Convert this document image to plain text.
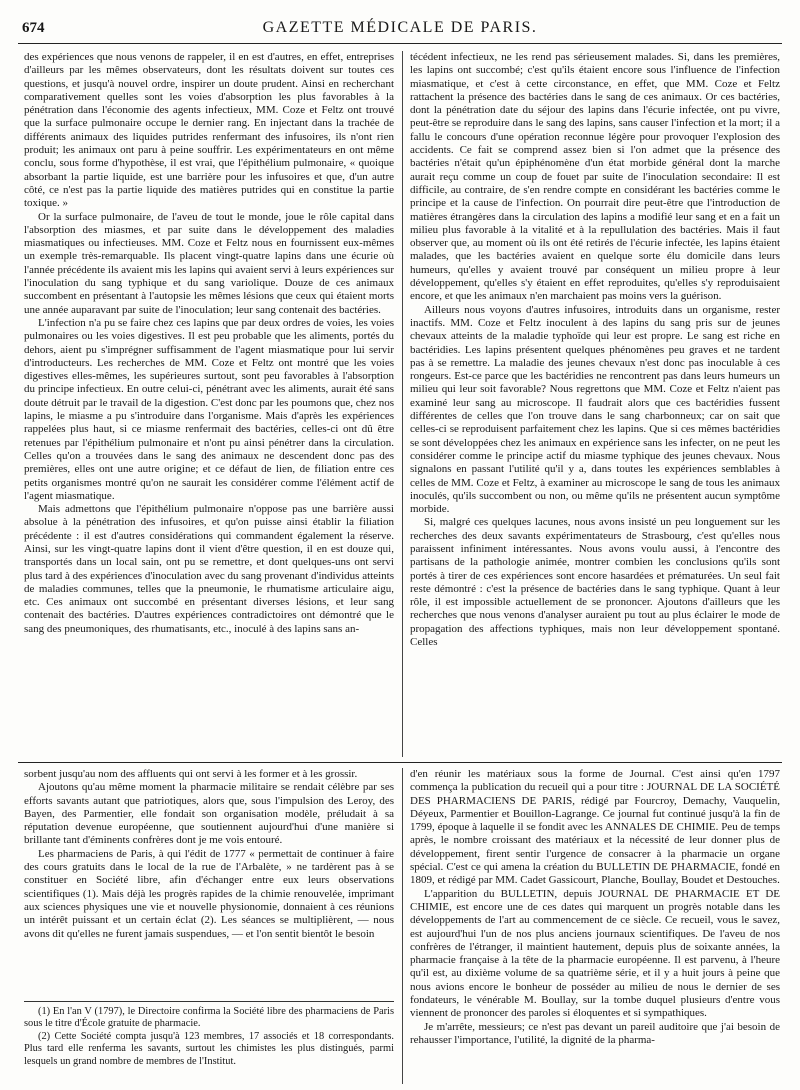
674	GAZETTE MÉDICALE DE PARIS.

des expériences que nous venons de rappeler, il en est d'autres, en effet, entreprises d'ailleurs par les mêmes observateurs, dont les résultats doivent sur toutes ces questions, et jusqu'à nouvel ordre, inspirer un doute prudent. Ainsi en recherchant comparativement quelles sont les voies d'absorption les plus favorables à la pénétration dans l'économie des agents infectieux, MM. Coze et Feltz ont trouvé que la surface pulmonaire occupe le dernier rang. En injectant dans la trachée de différents animaux des liquides putrides renfermant des infusoires, ils n'ont rien produit; les animaux ont paru à peine souffrir. Les expérimentateurs en ont même conclu, sous forme d'hypothèse, il est vrai, que l'épithélium pulmonaire, « quoique absorbant la partie liquide, est une barrière pour les infusoires et que, d'un autre côté, ce n'est pas la partie liquide des matières putrides qui en constitue la partie toxique. »

Or la surface pulmonaire, de l'aveu de tout le monde, joue le rôle capital dans l'absorption des miasmes, et par suite dans le développement des maladies miasmatiques ou infectieuses. MM. Coze et Feltz nous en fournissent eux-mêmes un exemple très-remarquable. Ils placent vingt-quatre lapins dans une écurie où l'année précédente ils avaient mis les lapins qui avaient servi à leurs expériences sur l'inoculation du sang typhique et du sang variolique. Douze de ces animaux succombent en présentant à l'autopsie les mêmes lésions que ceux qui étaient morts une année auparavant par suite de l'inoculation; leur sang contenait des bactéries.

L'infection n'a pu se faire chez ces lapins que par deux ordres de voies, les voies pulmonaires ou les voies digestives. Il est peu probable que les aliments, portés du dehors, aient pu s'imprégner suffisamment de l'agent miasmatique pour lui servir d'introducteurs. Les recherches de MM. Coze et Feltz ont montré que les voies digestives elles-mêmes, les supérieures surtout, sont peu favorables à l'absorption du principe infectieux. En outre celui-ci, pénétrant avec les aliments, aurait été sans doute détruit par le travail de la digestion. C'est donc par les poumons que, chez nos lapins, le miasme a pu s'introduire dans l'organisme. Mais d'après les expériences rappelées plus haut, si ce miasme renfermait des bactéries, celles-ci ont dû être retenues par l'épithélium pulmonaire et n'ont pu ainsi pénétrer dans la circulation. Celles qu'on a trouvées dans le sang des animaux ne descendent donc pas des premières, elles ont une autre origine; et ce défaut de lien, de filiation entre ces petits organismes montré qu'on ne saurait les considérer comme l'élément actif de l'agent miasmatique.

Mais admettons que l'épithélium pulmonaire n'oppose pas une barrière aussi absolue à la pénétration des infusoires, et qu'on puisse ainsi établir la filiation précédente : il est d'autres considérations qui commandent également la réserve. Ainsi, sur les vingt-quatre lapins dont il vient d'être question, il en est douze qui, transportés dans un local sain, ont pu se remettre, et dont quelques-uns ont servi plus tard à des expériences d'inoculation avec du sang provenant d'individus atteints de maladies communes, telles que la pneumonie, le rhumatisme articulaire aigu, etc. Ces animaux ont succombé en présentant diverses lésions, et leur sang contenait des bactéries. D'autres expériences contradictoires ont démontré que le sang des pneumoniques, des rhumatisants, etc., inoculé à des lapins sans an-

técédent infectieux, ne les rend pas sérieusement malades. Si, dans les premières, les lapins ont succombé; c'est qu'ils étaient encore sous l'influence de l'infection miasmatique, et c'est à cette circonstance, en effet, que MM. Coze et Feltz rattachent la présence des bactéries dans le sang de ces animaux. Or ces bactéries, dont la pénétration date du séjour des lapins dans l'écurie infectée, ont pu vivre, peut-être se reproduire dans le sang des lapins, sans causer l'infection et la mort; il a fallu le concours d'une opération reconnue légère pour provoquer l'explosion des accidents. Ce fait se comprend assez bien si l'on admet que la présence des bactéries n'était qu'un épiphénomène d'un état morbide général dont la marche aurait reçu comme un coup de fouet par suite de l'inoculation secondaire: Il est difficile, au contraire, de s'en rendre compte en considérant les bactéries comme le principe et la cause de l'infection. On pourrait dire peut-être que l'introduction de matières étrangères dans la circulation des lapins a modifié leur sang et en a fait un milieu plus favorable à la vitalité et à la repullulation des bactéries. Mais il faut observer que, au moment où ils ont été retirés de l'écurie infectée, les lapins étaient malades, que les bactéries avaient en quelque sorte élu domicile dans leurs humeurs, qu'elles y avaient trouvé par conséquent un milieu propre à leur développement, qu'elles s'y étaient en effet reproduites, qu'elles s'y reproduisaient encore, et que les animaux n'en marchaient pas moins vers la guérison.

Ailleurs nous voyons d'autres infusoires, introduits dans un organisme, rester inactifs. MM. Coze et Feltz inoculent à des lapins du sang pris sur de jeunes chevaux atteints de la maladie typhoïde qui leur est propre. Le sang est riche en bactéridies. Les lapins présentent quelques phénomènes peu graves et ne tardent pas à se remettre. La maladie des jeunes chevaux n'est donc pas inoculable à ces rongeurs. Est-ce parce que les bactéridies ne rencontrent pas dans leurs humeurs un milieu qui leur soit favorable? Nous regrettons que MM. Coze et Feltz n'aient pas examiné leur sang au microscope. Il faudrait alors que ces bactéridies fussent différentes de celles que l'on trouve dans le sang charbonneux; car on sait que celles-ci se reproduisent parfaitement chez les lapins. Que si ces mêmes bactéridies se sont développées chez les animaux en expérience sans les infecter, on ne peut les considérer comme le principe actif du miasme typhique des jeunes chevaux. Nous signalons en passant l'utilité qu'il y a, dans toutes les expériences semblables à celles de MM. Coze et Feltz, à examiner au microscope le sang de tous les animaux inoculés, qu'ils succombent ou non, ou même qu'ils ne présentent aucun symptôme morbide.

Si, malgré ces quelques lacunes, nous avons insisté un peu longuement sur les recherches des deux savants expérimentateurs de Strasbourg, c'est qu'elles nous paraissent infiniment intéressantes. Nous avons voulu aussi, à l'encontre des partisans de la pathologie animée, montrer combien les conclusions qu'ils sont portés à tirer de ces expériences sont encore hasardées et prématurées. Un seul fait reste démontré : c'est la présence de bactéries dans le sang typhique. Quant à leur rôle, il est impossible actuellement de se prononcer. Ajoutons d'ailleurs que les recherches que nous venons d'analyser auraient pu tout au plus éclairer le mode de propagation des affections typhiques, mais non leur développement spontané. Celles

sorbent jusqu'au nom des affluents qui ont servi à les former et à les grossir.

Ajoutons qu'au même moment la pharmacie militaire se rendait célèbre par ses efforts savants autant que patriotiques, alors que, sous l'impulsion des Leroy, des Bayen, des Parmentier, elle fondait son organisation modèle, préludait à sa réputation devenue européenne, que soutiennent aujourd'hui d'une manière si brillante tant d'éminents confrères dont je me vois entouré.

Les pharmaciens de Paris, à qui l'édit de 1777 « permettait de continuer à faire des cours gratuits dans le local de la rue de l'Arbalète, » ne tardèrent pas à se constituer en Société libre, afin d'échanger entre eux leurs observations scientifiques (1). Mais déjà les progrès rapides de la chimie renouvelée, imprimant aux sciences physiques une vie et nouvelle physionomie, donnaient à ces réunions un intérêt puissant et un certain éclat (2). Les séances se multiplièrent, — nous avons dit qu'elles ne furent jamais suspendues, — et l'on sentit bientôt le besoin

(1) En l'an V (1797), le Directoire confirma la Société libre des pharmaciens de Paris sous le titre d'École gratuite de pharmacie.

(2) Cette Société compta jusqu'à 123 membres, 17 associés et 18 correspondants. Plus tard elle renferma les savants, surtout les chimistes les plus distingués, parmi lesquels un grand nombre de membres de l'Institut.

d'en réunir les matériaux sous la forme de Journal. C'est ainsi qu'en 1797 commença la publication du recueil qui a pour titre : JOURNAL DE LA SOCIÉTÉ DES PHARMACIENS DE PARIS, rédigé par Fourcroy, Demachy, Vauquelin, Déyeux, Parmentier et Bouillon-Lagrange. Ce journal fut continué jusqu'à la fin de 1799, époque à laquelle il se fondit avec les ANNALES DE CHIMIE. Peu de temps après, le nombre croissant des matériaux et la nécessité de leur donner plus de développement, firent sentir l'urgence de consacrer à la pharmacie un organe spécial. C'est ce qui amena la création du BULLETIN DE PHARMACIE, fondé en 1809, et rédigé par MM. Cadet Gassicourt, Planche, Boullay, Boudet et Destouches.

L'apparition du BULLETIN, depuis JOURNAL DE PHARMACIE ET DE CHIMIE, est encore une de ces dates qui marquent un progrès notable dans les développements de l'art au commencement de ce siècle. Ce recueil, vous le savez, est aujourd'hui l'un de nos plus anciens journaux scientifiques. De l'aveu de nos confrères de l'étranger, il maintient hautement, depuis plus de soixante années, la pharmacie française à la tête de la pharmacie européenne. Il est parvenu, à l'heure qu'il est, au dixième volume de sa quatrième série, et il y a huit jours à peine que nous avions encore le bonheur de posséder au milieu de nous le dernier de ses fondateurs, le vénérable M. Boullay, sur la tombe duquel plusieurs d'entre vous viennent de prononcer des paroles si éloquentes et si sympathiques.

Je m'arrête, messieurs; ce n'est pas devant un pareil auditoire que j'ai besoin de rehausser l'importance, l'utilité, la dignité de la pharma-
